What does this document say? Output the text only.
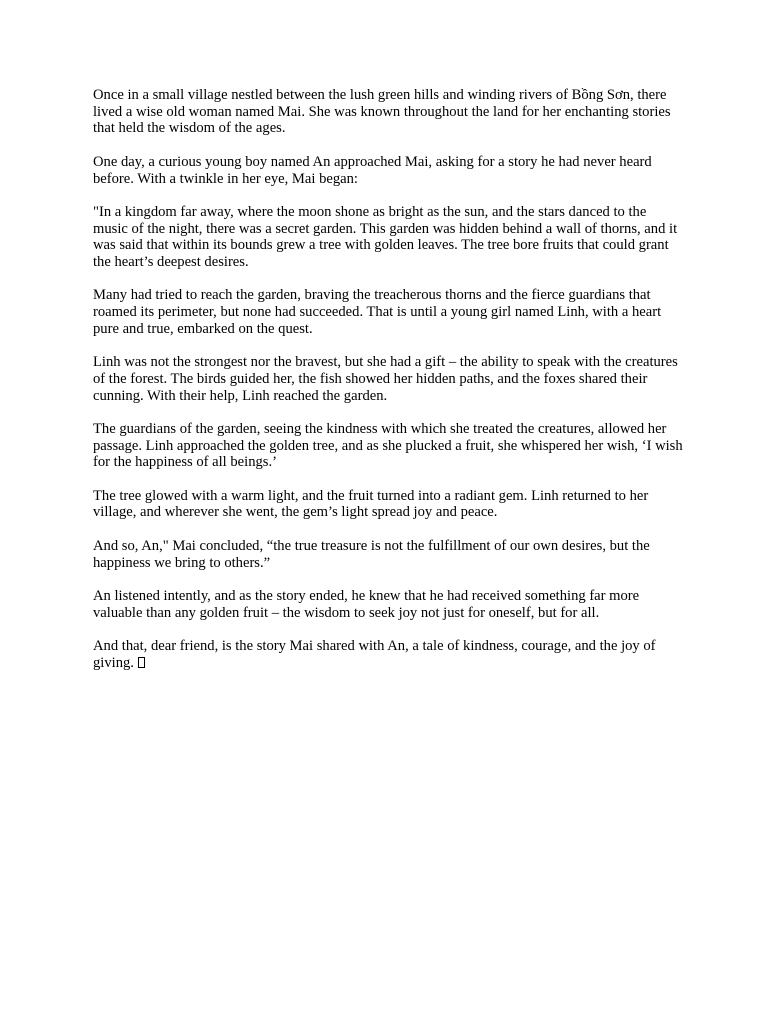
Once in a small village nestled between the lush green hills and winding rivers of Bồng Sơn, there lived a wise old woman named Mai. She was known throughout the land for her enchanting stories that held the wisdom of the ages.

One day, a curious young boy named An approached Mai, asking for a story he had never heard before. With a twinkle in her eye, Mai began:

"In a kingdom far away, where the moon shone as bright as the sun, and the stars danced to the music of the night, there was a secret garden. This garden was hidden behind a wall of thorns, and it was said that within its bounds grew a tree with golden leaves. The tree bore fruits that could grant the heart’s deepest desires.

Many had tried to reach the garden, braving the treacherous thorns and the fierce guardians that roamed its perimeter, but none had succeeded. That is until a young girl named Linh, with a heart pure and true, embarked on the quest.

Linh was not the strongest nor the bravest, but she had a gift – the ability to speak with the creatures of the forest. The birds guided her, the fish showed her hidden paths, and the foxes shared their cunning. With their help, Linh reached the garden.

The guardians of the garden, seeing the kindness with which she treated the creatures, allowed her passage. Linh approached the golden tree, and as she plucked a fruit, she whispered her wish, ‘I wish for the happiness of all beings.’

The tree glowed with a warm light, and the fruit turned into a radiant gem. Linh returned to her village, and wherever she went, the gem’s light spread joy and peace.

And so, An," Mai concluded, “the true treasure is not the fulfillment of our own desires, but the happiness we bring to others.”

An listened intently, and as the story ended, he knew that he had received something far more valuable than any golden fruit – the wisdom to seek joy not just for oneself, but for all.

And that, dear friend, is the story Mai shared with An, a tale of kindness, courage, and the joy of giving.
